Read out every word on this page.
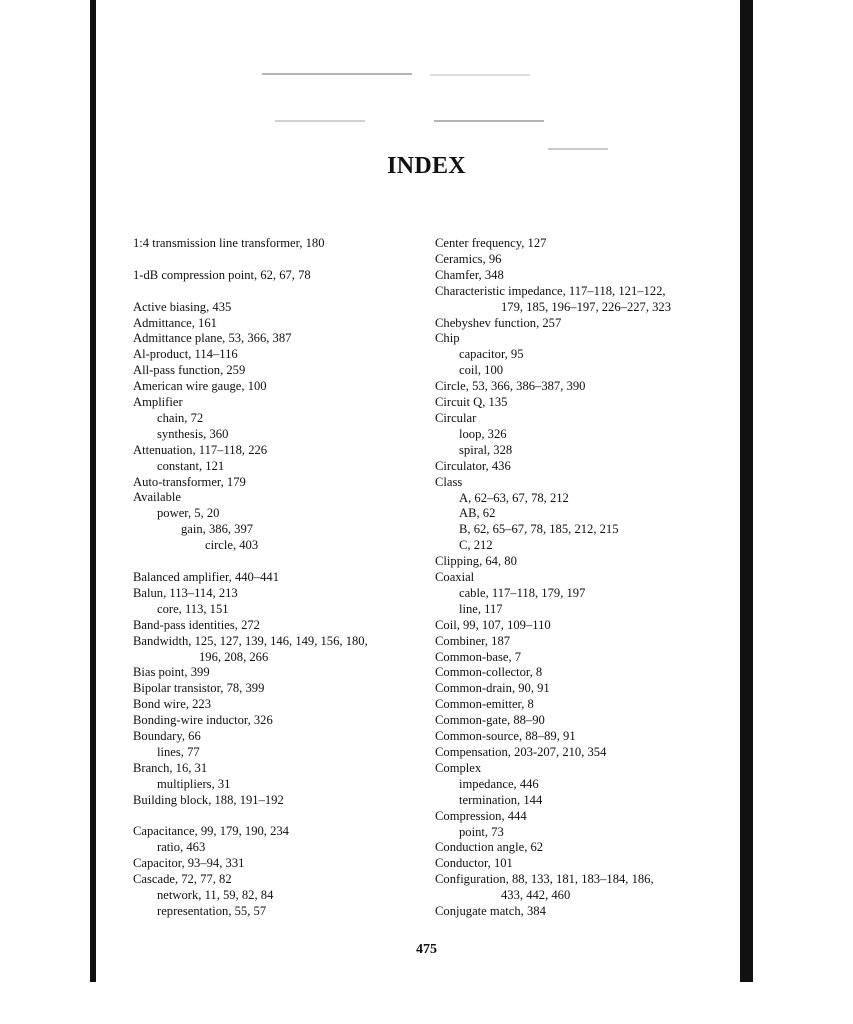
INDEX
1:4 transmission line transformer, 180
1-dB compression point, 62, 67, 78
Active biasing, 435
Admittance, 161
Admittance plane, 53, 366, 387
Al-product, 114–116
All-pass function, 259
American wire gauge, 100
Amplifier
chain, 72
synthesis, 360
Attenuation, 117–118, 226
constant, 121
Auto-transformer, 179
Available
power, 5, 20
gain, 386, 397
circle, 403
Balanced amplifier, 440–441
Balun, 113–114, 213
core, 113, 151
Band-pass identities, 272
Bandwidth, 125, 127, 139, 146, 149, 156, 180,
196, 208, 266
Bias point, 399
Bipolar transistor, 78, 399
Bond wire, 223
Bonding-wire inductor, 326
Boundary, 66
lines, 77
Branch, 16, 31
multipliers, 31
Building block, 188, 191–192
Capacitance, 99, 179, 190, 234
ratio, 463
Capacitor, 93–94, 331
Cascade, 72, 77, 82
network, 11, 59, 82, 84
representation, 55, 57
Center frequency, 127
Ceramics, 96
Chamfer, 348
Characteristic impedance, 117–118, 121–122,
179, 185, 196–197, 226–227, 323
Chebyshev function, 257
Chip
capacitor, 95
coil, 100
Circle, 53, 366, 386–387, 390
Circuit Q, 135
Circular
loop, 326
spiral, 328
Circulator, 436
Class
A, 62–63, 67, 78, 212
AB, 62
B, 62, 65–67, 78, 185, 212, 215
C, 212
Clipping, 64, 80
Coaxial
cable, 117–118, 179, 197
line, 117
Coil, 99, 107, 109–110
Combiner, 187
Common-base, 7
Common-collector, 8
Common-drain, 90, 91
Common-emitter, 8
Common-gate, 88–90
Common-source, 88–89, 91
Compensation, 203-207, 210, 354
Complex
impedance, 446
termination, 144
Compression, 444
point, 73
Conduction angle, 62
Conductor, 101
Configuration, 88, 133, 181, 183–184, 186,
433, 442, 460
Conjugate match, 384
475
